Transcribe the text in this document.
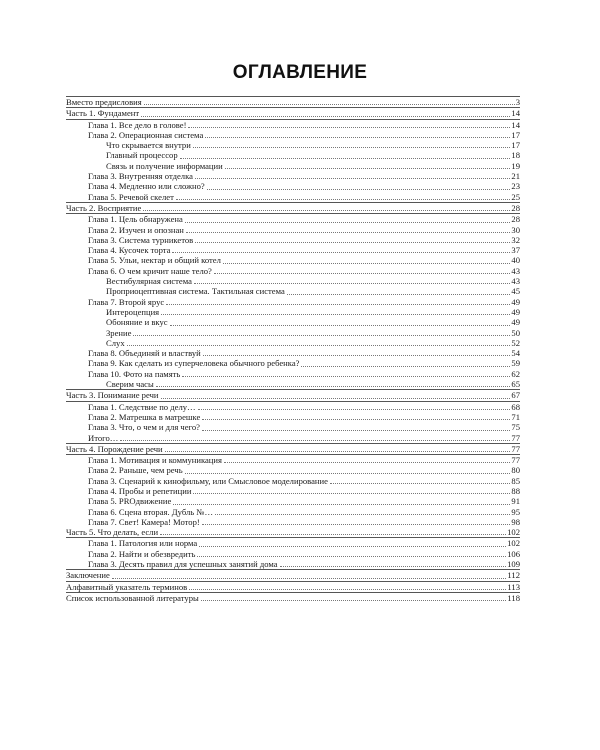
ОГЛАВЛЕНИЕ
Вместо предисловия	3
Часть 1. Фундамент	14
Глава 1. Все дело в голове!	14
Глава 2. Операционная система	17
Что скрывается внутри	17
Главный процессор	18
Связь и получение информации	19
Глава 3. Внутренняя отделка	21
Глава 4. Медленно или сложно?	23
Глава 5. Речевой скелет	25
Часть 2. Восприятие	28
Глава 1. Цель обнаружена	28
Глава 2. Изучен и опознан	30
Глава 3. Система турникетов	32
Глава 4. Кусочек торта	37
Глава 5. Ульи, нектар и общий котел	40
Глава 6. О чем кричит наше тело?	43
Вестибулярная система	43
Проприоцептивная система. Тактильная система	45
Глава 7. Второй ярус	49
Интероцепция	49
Обоняние и вкус	49
Зрение	50
Слух	52
Глава 8. Объединяй и властвуй	54
Глава 9. Как сделать из суперчеловека обычного ребенка?	59
Глава 10. Фото на память	62
Сверим часы	65
Часть 3. Понимание речи	67
Глава 1. Следствие по делу…	68
Глава 2. Матрешка в матрешке	71
Глава 3. Что, о чем и для чего?	75
Итого…	77
Часть 4. Порождение речи	77
Глава 1. Мотивация и коммуникация	77
Глава 2. Раньше, чем речь	80
Глава 3. Сценарий к кинофильму, или Смысловое моделирование	85
Глава 4. Пробы и репетиции	88
Глава 5. PROдвижение	91
Глава 6. Сцена вторая. Дубль №…	95
Глава 7. Свет! Камера! Мотор!	98
Часть 5. Что делать, если	102
Глава 1. Патология или норма	102
Глава 2. Найти и обезвредить	106
Глава 3. Десять правил для успешных занятий дома	109
Заключение	112
Алфавитный указатель терминов	113
Список использованной литературы	118
